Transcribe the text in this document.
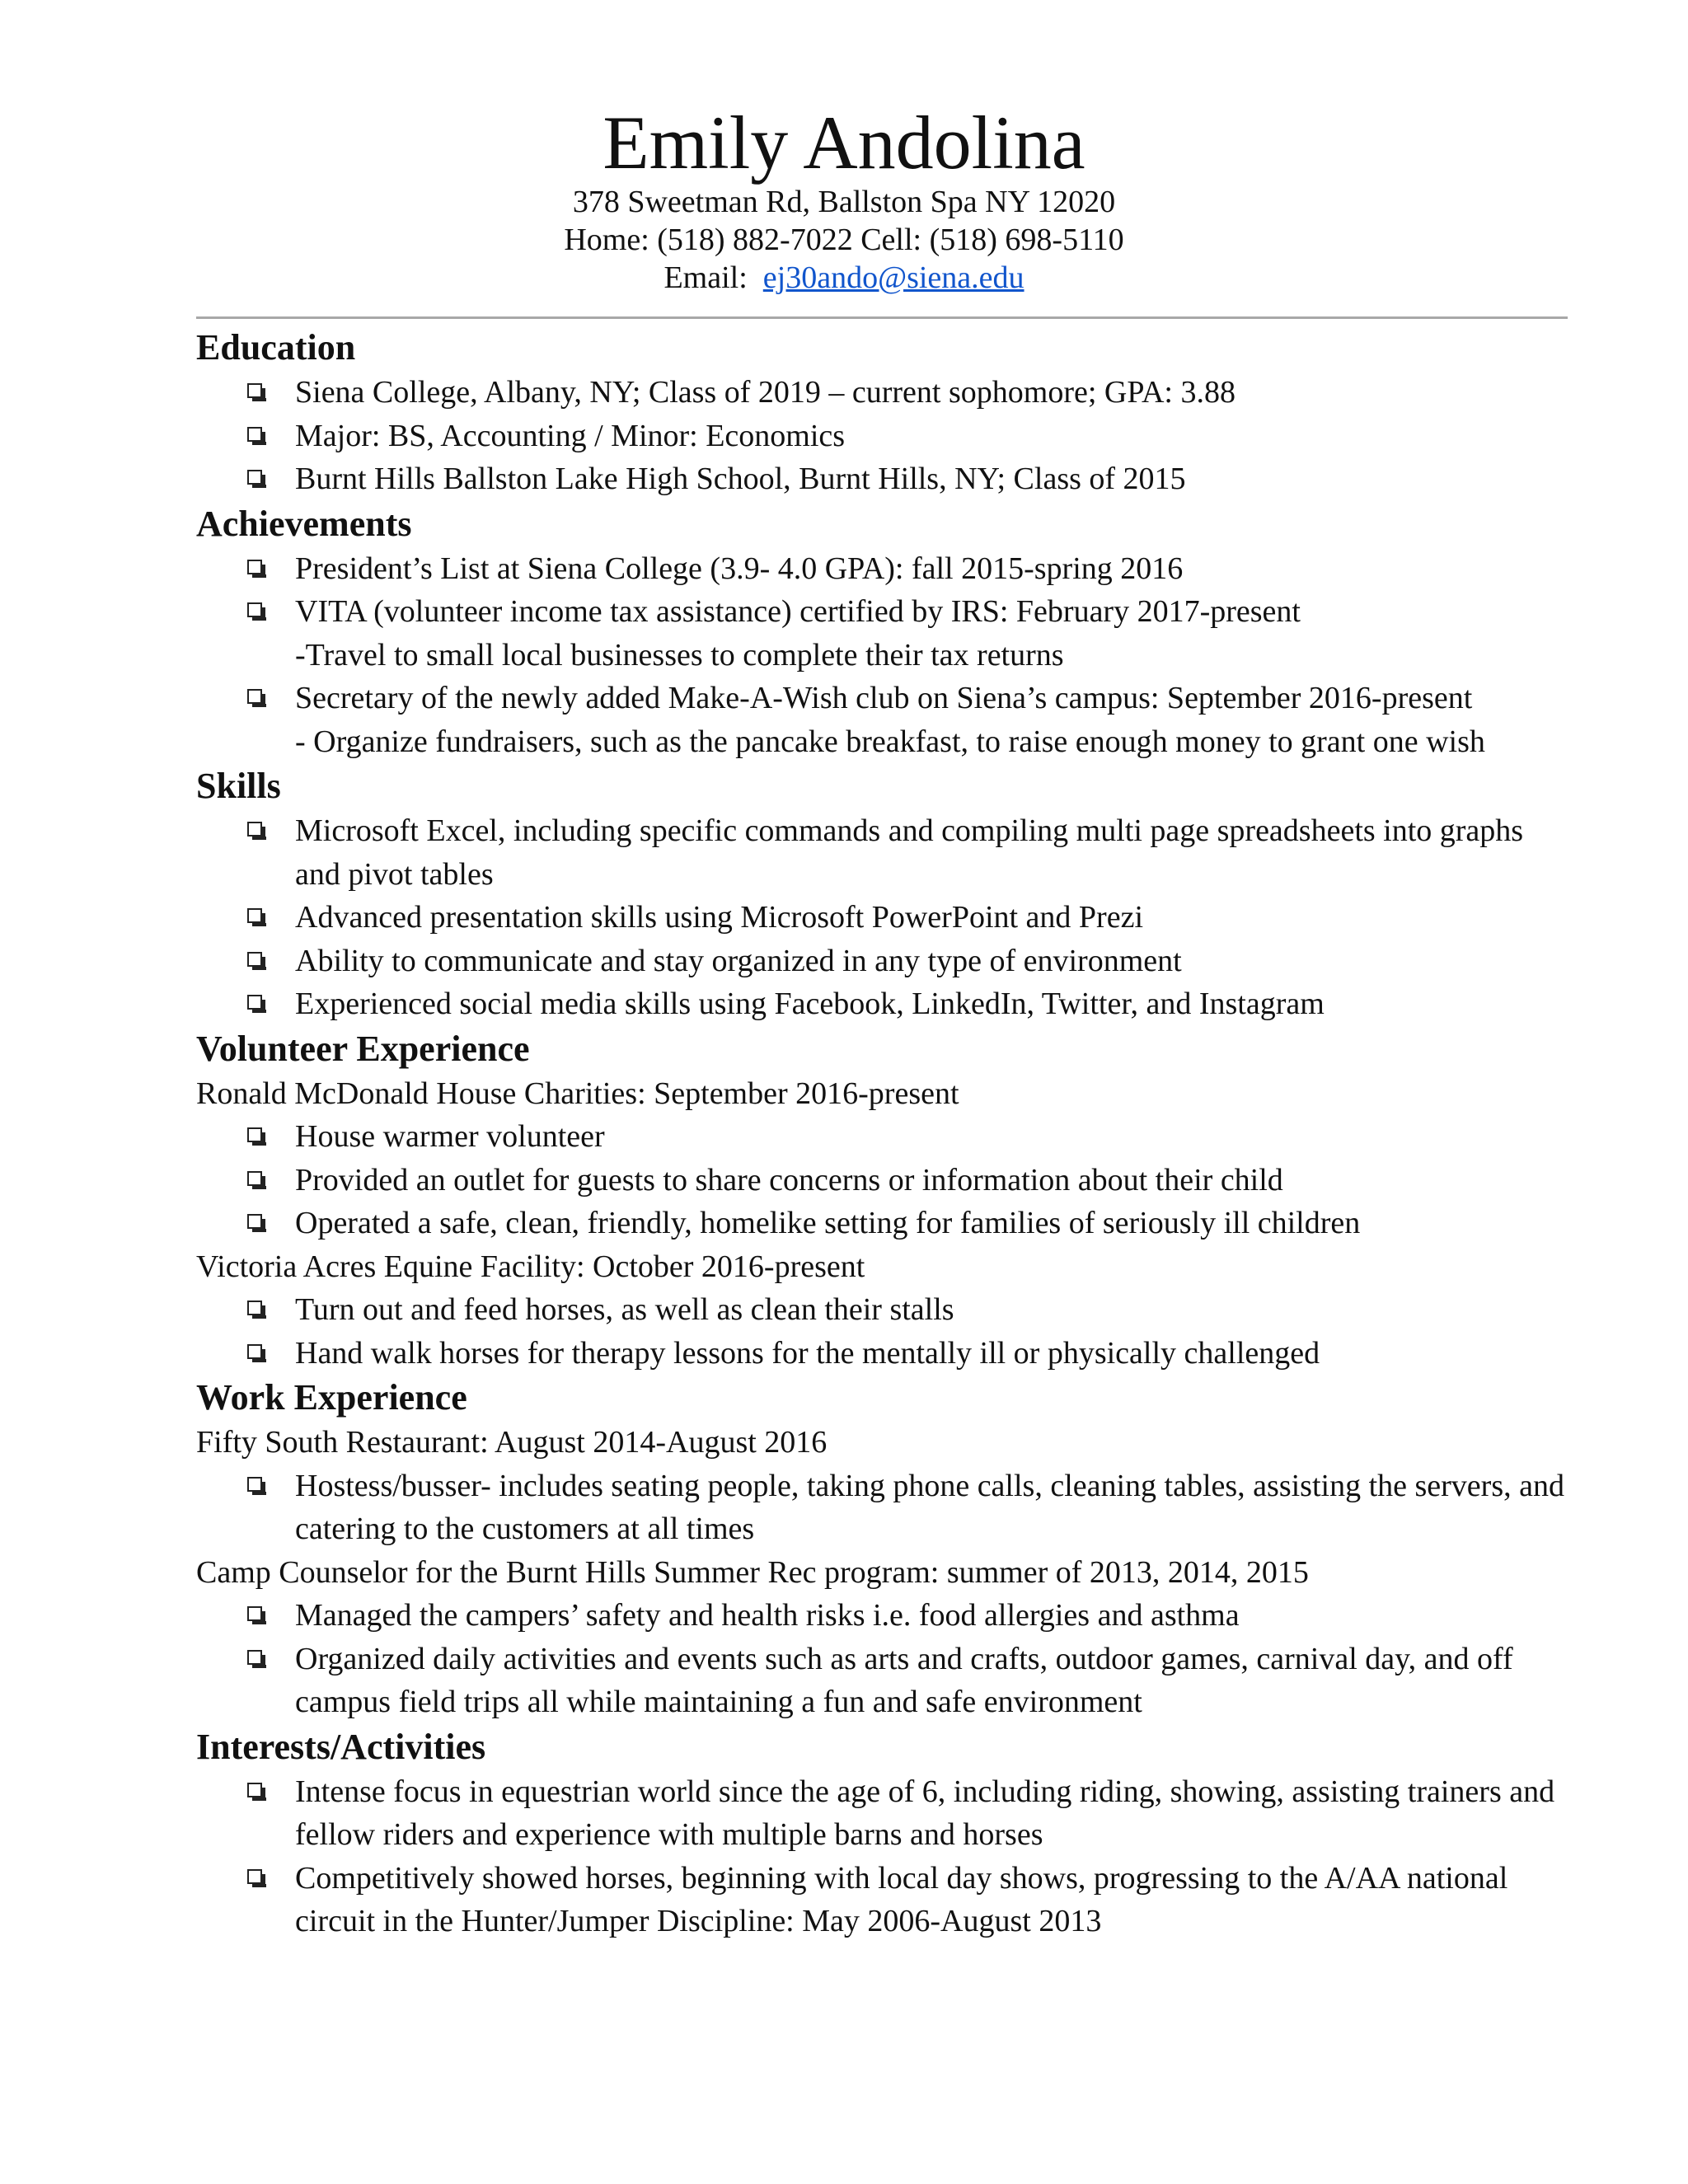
Emily Andolina
378 Sweetman Rd, Ballston Spa NY 12020
Home: (518) 882-7022 Cell: (518) 698-5110
Email: ej30ando@siena.edu
Education
Siena College, Albany, NY; Class of 2019 – current sophomore; GPA: 3.88
Major: BS, Accounting / Minor: Economics
Burnt Hills Ballston Lake High School, Burnt Hills, NY; Class of 2015
Achievements
President’s List at Siena College (3.9- 4.0 GPA): fall 2015-spring 2016
VITA (volunteer income tax assistance) certified by IRS: February 2017-present
-Travel to small local businesses to complete their tax returns
Secretary of the newly added Make-A-Wish club on Siena’s campus: September 2016-present
- Organize fundraisers, such as the pancake breakfast, to raise enough money to grant one wish
Skills
Microsoft Excel, including specific commands and compiling multi page spreadsheets into graphs and pivot tables
Advanced presentation skills using Microsoft PowerPoint and Prezi
Ability to communicate and stay organized in any type of environment
Experienced social media skills using Facebook, LinkedIn, Twitter, and Instagram
Volunteer Experience

Ronald McDonald House Charities: September 2016-present

House warmer volunteer
Provided an outlet for guests to share concerns or information about their child
Operated a safe, clean, friendly, homelike setting for families of seriously ill children

Victoria Acres Equine Facility: October 2016-present

Turn out and feed horses, as well as clean their stalls
Hand walk horses for therapy lessons for the mentally ill or physically challenged
Work Experience

Fifty South Restaurant: August 2014-August 2016

Hostess/busser- includes seating people, taking phone calls, cleaning tables, assisting the servers, and catering to the customers at all times

Camp Counselor for the Burnt Hills Summer Rec program: summer of 2013, 2014, 2015

Managed the campers’ safety and health risks i.e. food allergies and asthma
Organized daily activities and events such as arts and crafts, outdoor games, carnival day, and off campus field trips all while maintaining a fun and safe environment
Interests/Activities
Intense focus in equestrian world since the age of 6, including riding, showing, assisting trainers and fellow riders and experience with multiple barns and horses
Competitively showed horses, beginning with local day shows, progressing to the A/AA national circuit in the Hunter/Jumper Discipline: May 2006-August 2013
